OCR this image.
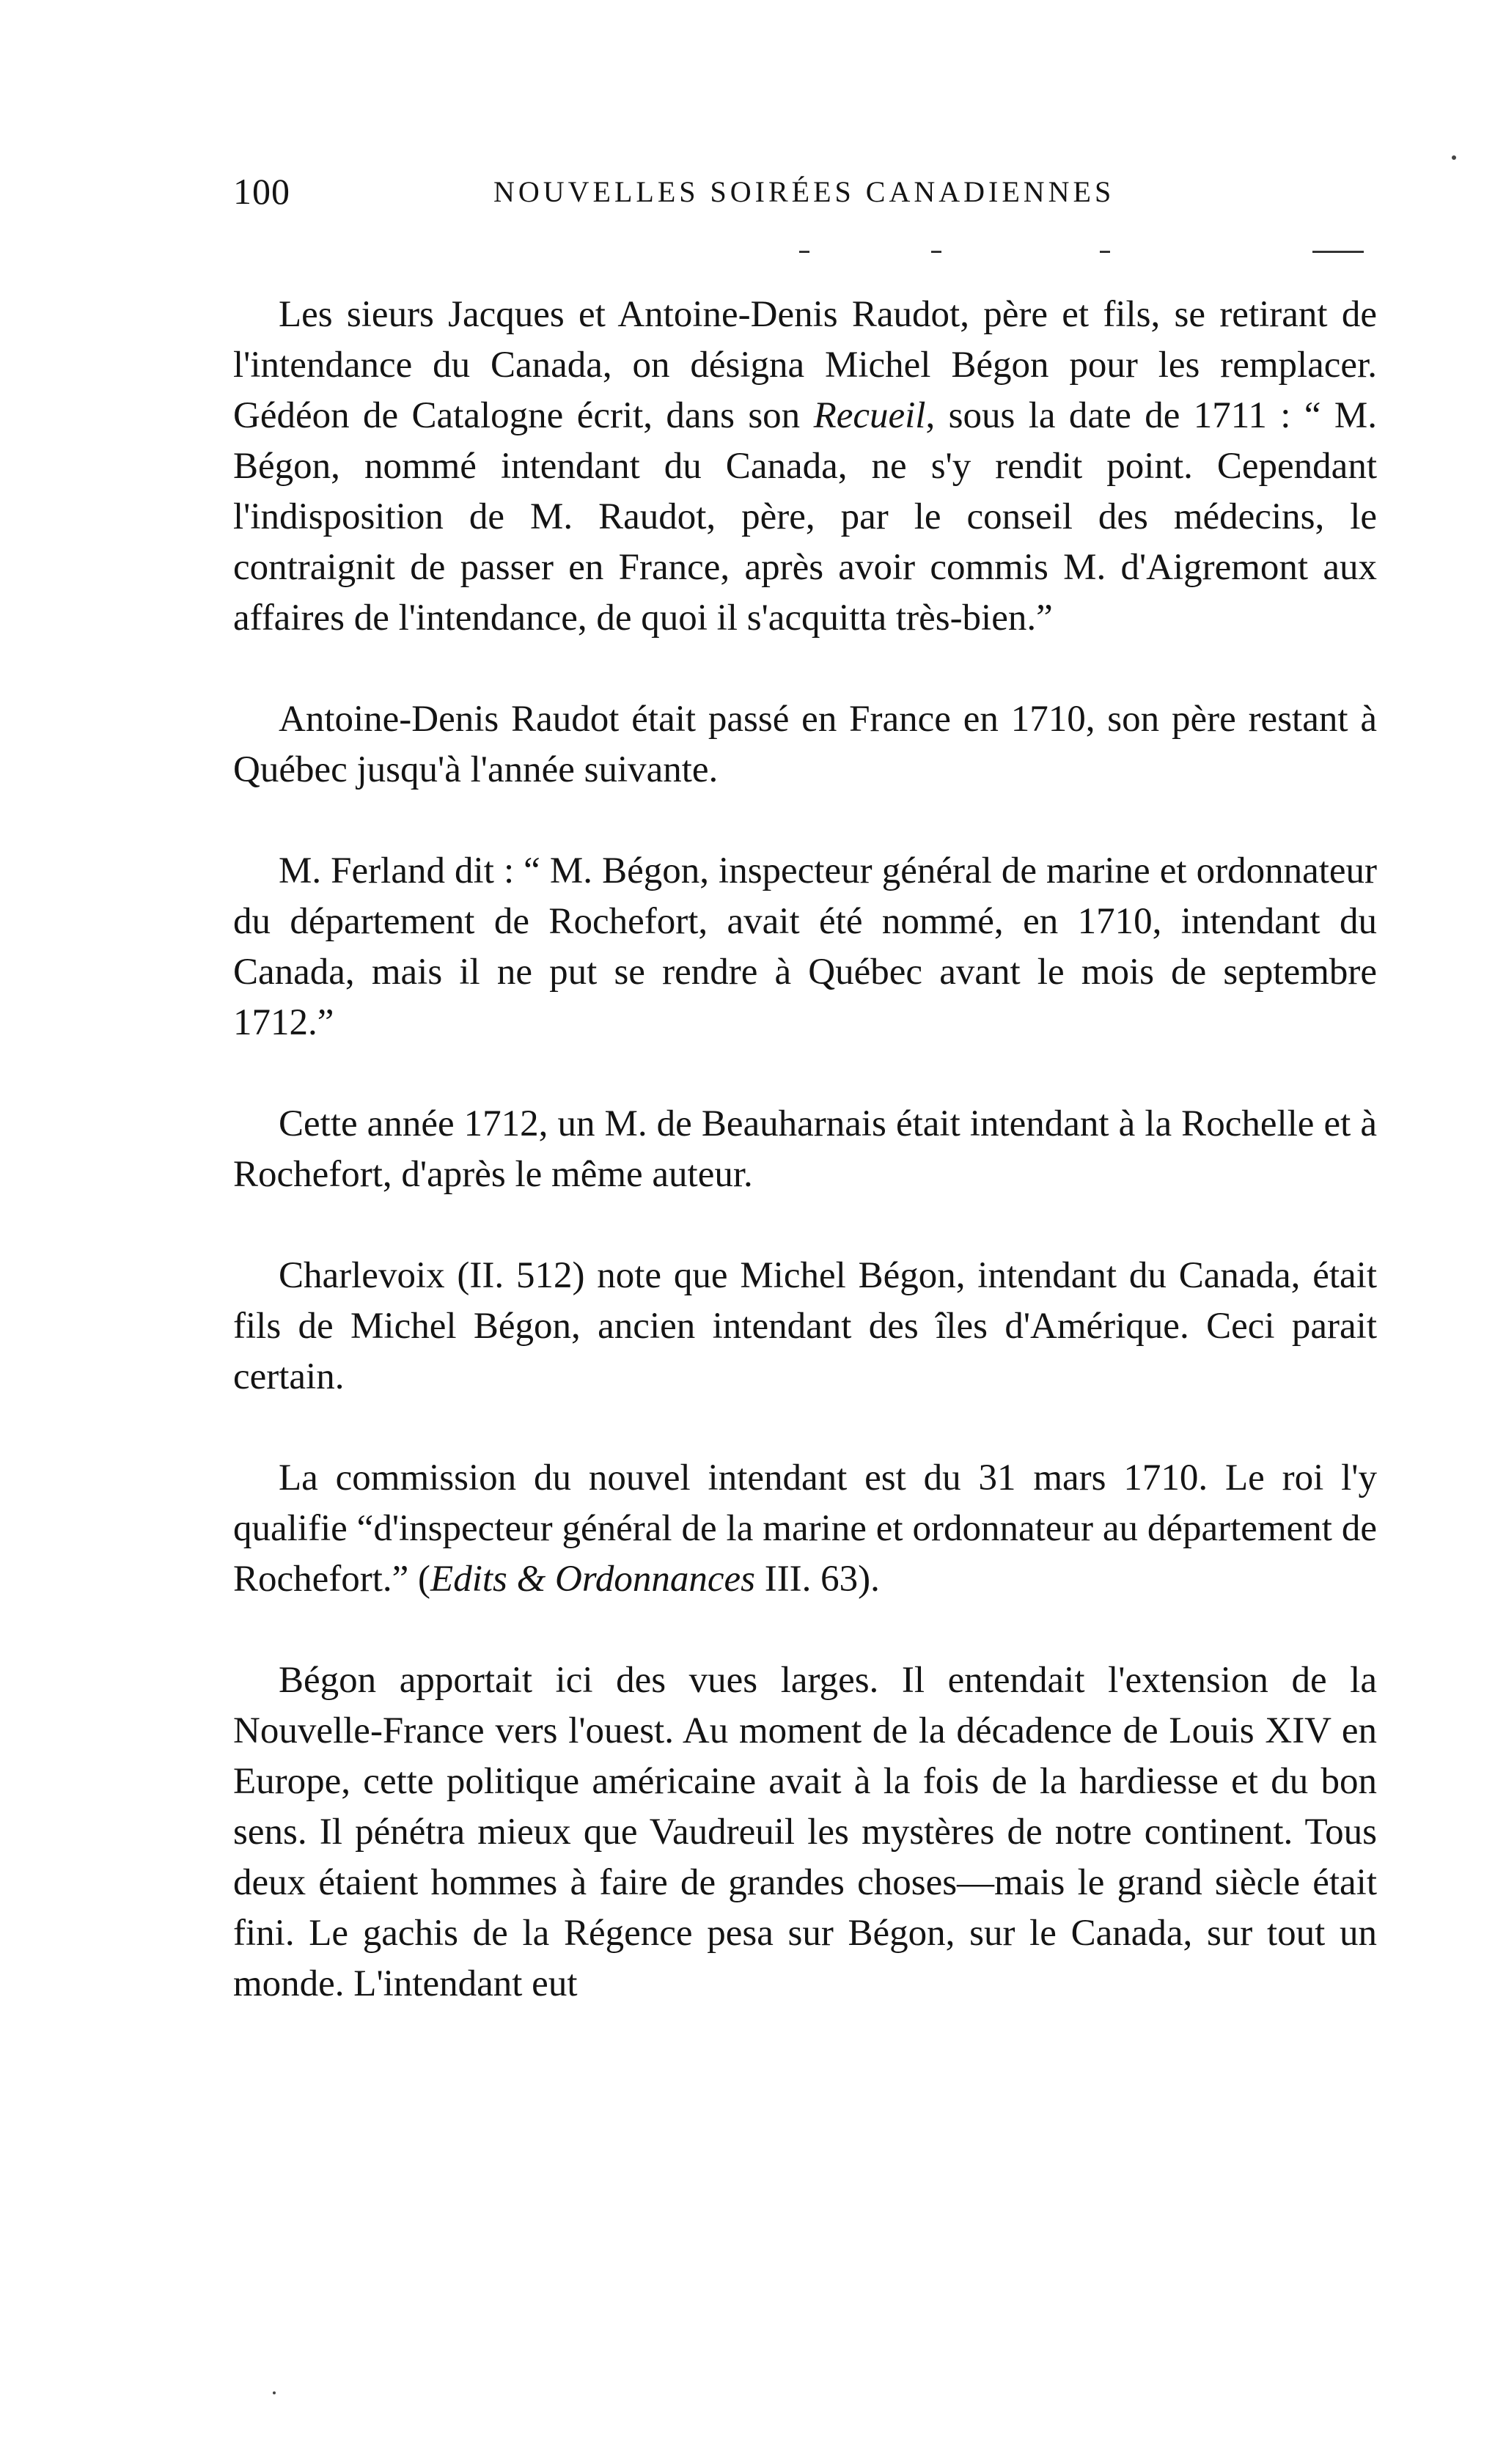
100	NOUVELLES SOIRÉES CANADIENNES

Les sieurs Jacques et Antoine-Denis Raudot, père et fils, se retirant de l'intendance du Canada, on désigna Michel Bégon pour les remplacer. Gédéon de Catalogne écrit, dans son Recueil, sous la date de 1711 : “ M. Bégon, nommé intendant du Canada, ne s'y rendit point. Cependant l'indisposition de M. Raudot, père, par le conseil des médecins, le contraignit de passer en France, après avoir commis M. d'Aigremont aux affaires de l'intendance, de quoi il s'acquitta très-bien.”

Antoine-Denis Raudot était passé en France en 1710, son père restant à Québec jusqu'à l'année suivante.

M. Ferland dit : “ M. Bégon, inspecteur général de marine et ordonnateur du département de Rochefort, avait été nommé, en 1710, intendant du Canada, mais il ne put se rendre à Québec avant le mois de septembre 1712.”

Cette année 1712, un M. de Beauharnais était intendant à la Rochelle et à Rochefort, d'après le même auteur.

Charlevoix (II. 512) note que Michel Bégon, intendant du Canada, était fils de Michel Bégon, ancien intendant des îles d'Amérique. Ceci parait certain.

La commission du nouvel intendant est du 31 mars 1710. Le roi l'y qualifie “d'inspecteur général de la marine et ordonnateur au département de Rochefort.” (Edits & Ordonnances III. 63).

Bégon apportait ici des vues larges. Il entendait l'extension de la Nouvelle-France vers l'ouest. Au moment de la décadence de Louis XIV en Europe, cette politique américaine avait à la fois de la hardiesse et du bon sens. Il pénétra mieux que Vaudreuil les mystères de notre continent. Tous deux étaient hommes à faire de grandes choses—mais le grand siècle était fini. Le gachis de la Régence pesa sur Bégon, sur le Canada, sur tout un monde. L'intendant eut
